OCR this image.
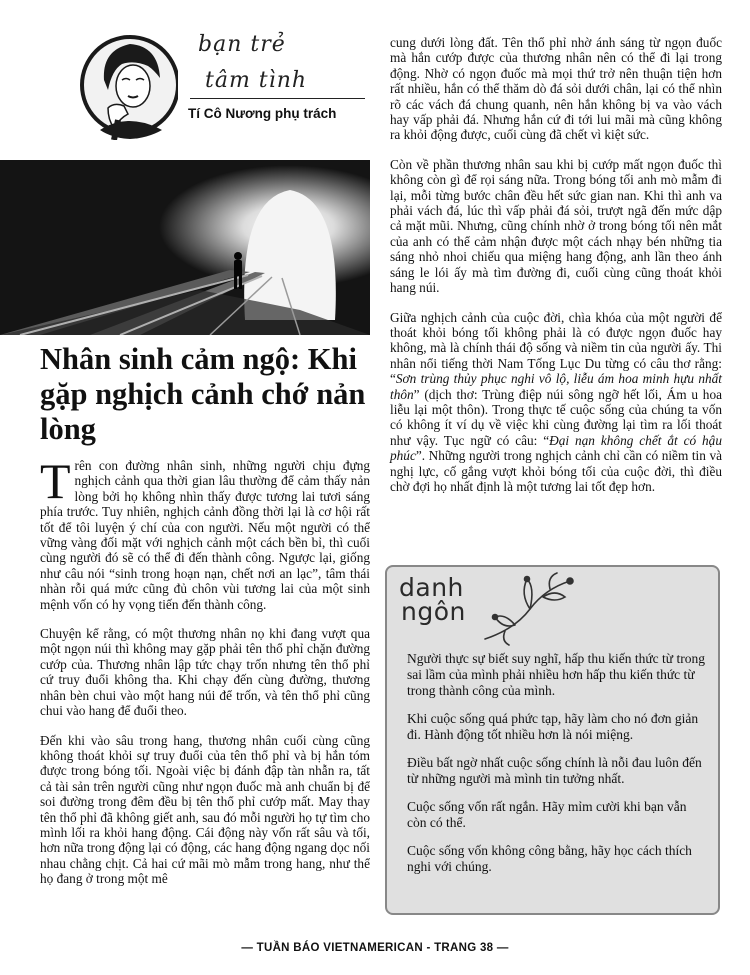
bạn trẻ
tâm tình
Tí Cô Nương phụ trách
Nhân sinh cảm ngộ: Khi gặp nghịch cảnh chớ nản lòng

Trên con đường nhân sinh, những người chịu đựng nghịch cảnh qua thời gian lâu thường để cảm thấy nản lòng bởi họ không nhìn thấy được tương lai tươi sáng phía trước. Tuy nhiên, nghịch cảnh đồng thời lại là cơ hội rất tốt để tôi luyện ý chí của con người. Nếu một người có thể vững vàng đối mặt với nghịch cảnh một cách bền bỉ, thì cuối cùng người đó sẽ có thể đi đến thành công. Ngược lại, giống như câu nói “sinh trong hoạn nạn, chết nơi an lạc”, tâm thái nhàn rỗi quá mức cũng đủ chôn vùi tương lai của một sinh mệnh vốn có hy vọng tiến đến thành công.

Chuyện kể rằng, có một thương nhân nọ khi đang vượt qua một ngọn núi thì không may gặp phải tên thổ phỉ chặn đường cướp của. Thương nhân lập tức chạy trốn nhưng tên thổ phỉ cứ truy đuổi không tha. Khi chạy đến cùng đường, thương nhân bèn chui vào một hang núi để trốn, và tên thổ phỉ cũng chui vào hang để đuổi theo.

Đến khi vào sâu trong hang, thương nhân cuối cùng cũng không thoát khỏi sự truy đuổi của tên thổ phỉ và bị hắn tóm được trong bóng tối. Ngoài việc bị đánh đập tàn nhẫn ra, tất cả tài sản trên người cũng như ngọn đuốc mà anh chuẩn bị để soi đường trong đêm đều bị tên thổ phỉ cướp mất. May thay tên thổ phỉ đã không giết anh, sau đó mỗi người họ tự tìm cho mình lối ra khỏi hang động. Cái động này vốn rất sâu và tối, hơn nữa trong động lại có động, các hang động ngang dọc nối nhau chằng chịt. Cả hai cứ mãi mò mẫm trong hang, như thể họ đang ở trong một mê

cung dưới lòng đất. Tên thổ phỉ nhờ ánh sáng từ ngọn đuốc mà hắn cướp được của thương nhân nên có thể đi lại trong động. Nhờ có ngọn đuốc mà mọi thứ trở nên thuận tiện hơn rất nhiều, hắn có thể thăm dò đá sỏi dưới chân, lại có thể nhìn rõ các vách đá chung quanh, nên hắn không bị va vào vách hay vấp phải đá. Nhưng hắn cứ đi tới lui mãi mà cũng không ra khỏi động được, cuối cùng đã chết vì kiệt sức.

Còn về phần thương nhân sau khi bị cướp mất ngọn đuốc thì không còn gì để rọi sáng nữa. Trong bóng tối anh mò mẫm đi lại, mỗi từng bước chân đều hết sức gian nan. Khi thì anh va phải vách đá, lúc thì vấp phải đá sỏi, trượt ngã đến mức dập cả mặt mũi. Nhưng, cũng chính nhờ ở trong bóng tối nên mắt của anh có thể cảm nhận được một cách nhạy bén những tia sáng nhỏ nhoi chiếu qua miệng hang động, anh lần theo ánh sáng le lói ấy mà tìm đường đi, cuối cùng cũng thoát khỏi hang núi.

Giữa nghịch cảnh của cuộc đời, chìa khóa của một người để thoát khỏi bóng tối không phải là có được ngọn đuốc hay không, mà là chính thái độ sống và niềm tin của người ấy. Thi nhân nổi tiếng thời Nam Tống Lục Du từng có câu thơ rằng: “Sơn trùng thủy phục nghi vô lộ, liễu ám hoa minh hựu nhất thôn” (dịch thơ: Trùng điệp núi sông ngỡ hết lối, Ám u hoa liễu lại một thôn). Trong thực tế cuộc sống của chúng ta vốn có không ít ví dụ về việc khi cùng đường lại tìm ra lối thoát như vậy. Tục ngữ có câu: “Đại nạn không chết ắt có hậu phúc”. Những người trong nghịch cảnh chỉ cần có niềm tin và nghị lực, cố gắng vượt khỏi bóng tối của cuộc đời, thì điều chờ đợi họ nhất định là một tương lai tốt đẹp hơn.

danh
ngôn

Người thực sự biết suy nghĩ, hấp thu kiến thức từ trong sai lầm của mình phải nhiều hơn hấp thu kiến thức từ trong thành công của mình.

Khi cuộc sống quá phức tạp, hãy làm cho nó đơn giản đi. Hành động tốt nhiều hơn là nói miệng.

Điều bất ngờ nhất cuộc sống chính là nỗi đau luôn đến từ những người mà mình tin tưởng nhất.

Cuộc sống vốn rất ngắn. Hãy mỉm cười khi bạn vẫn còn có thể.

Cuộc sống vốn không công bằng, hãy học cách thích nghi với chúng.

— TUẦN BÁO VIETNAMERICAN - TRANG 38 —
